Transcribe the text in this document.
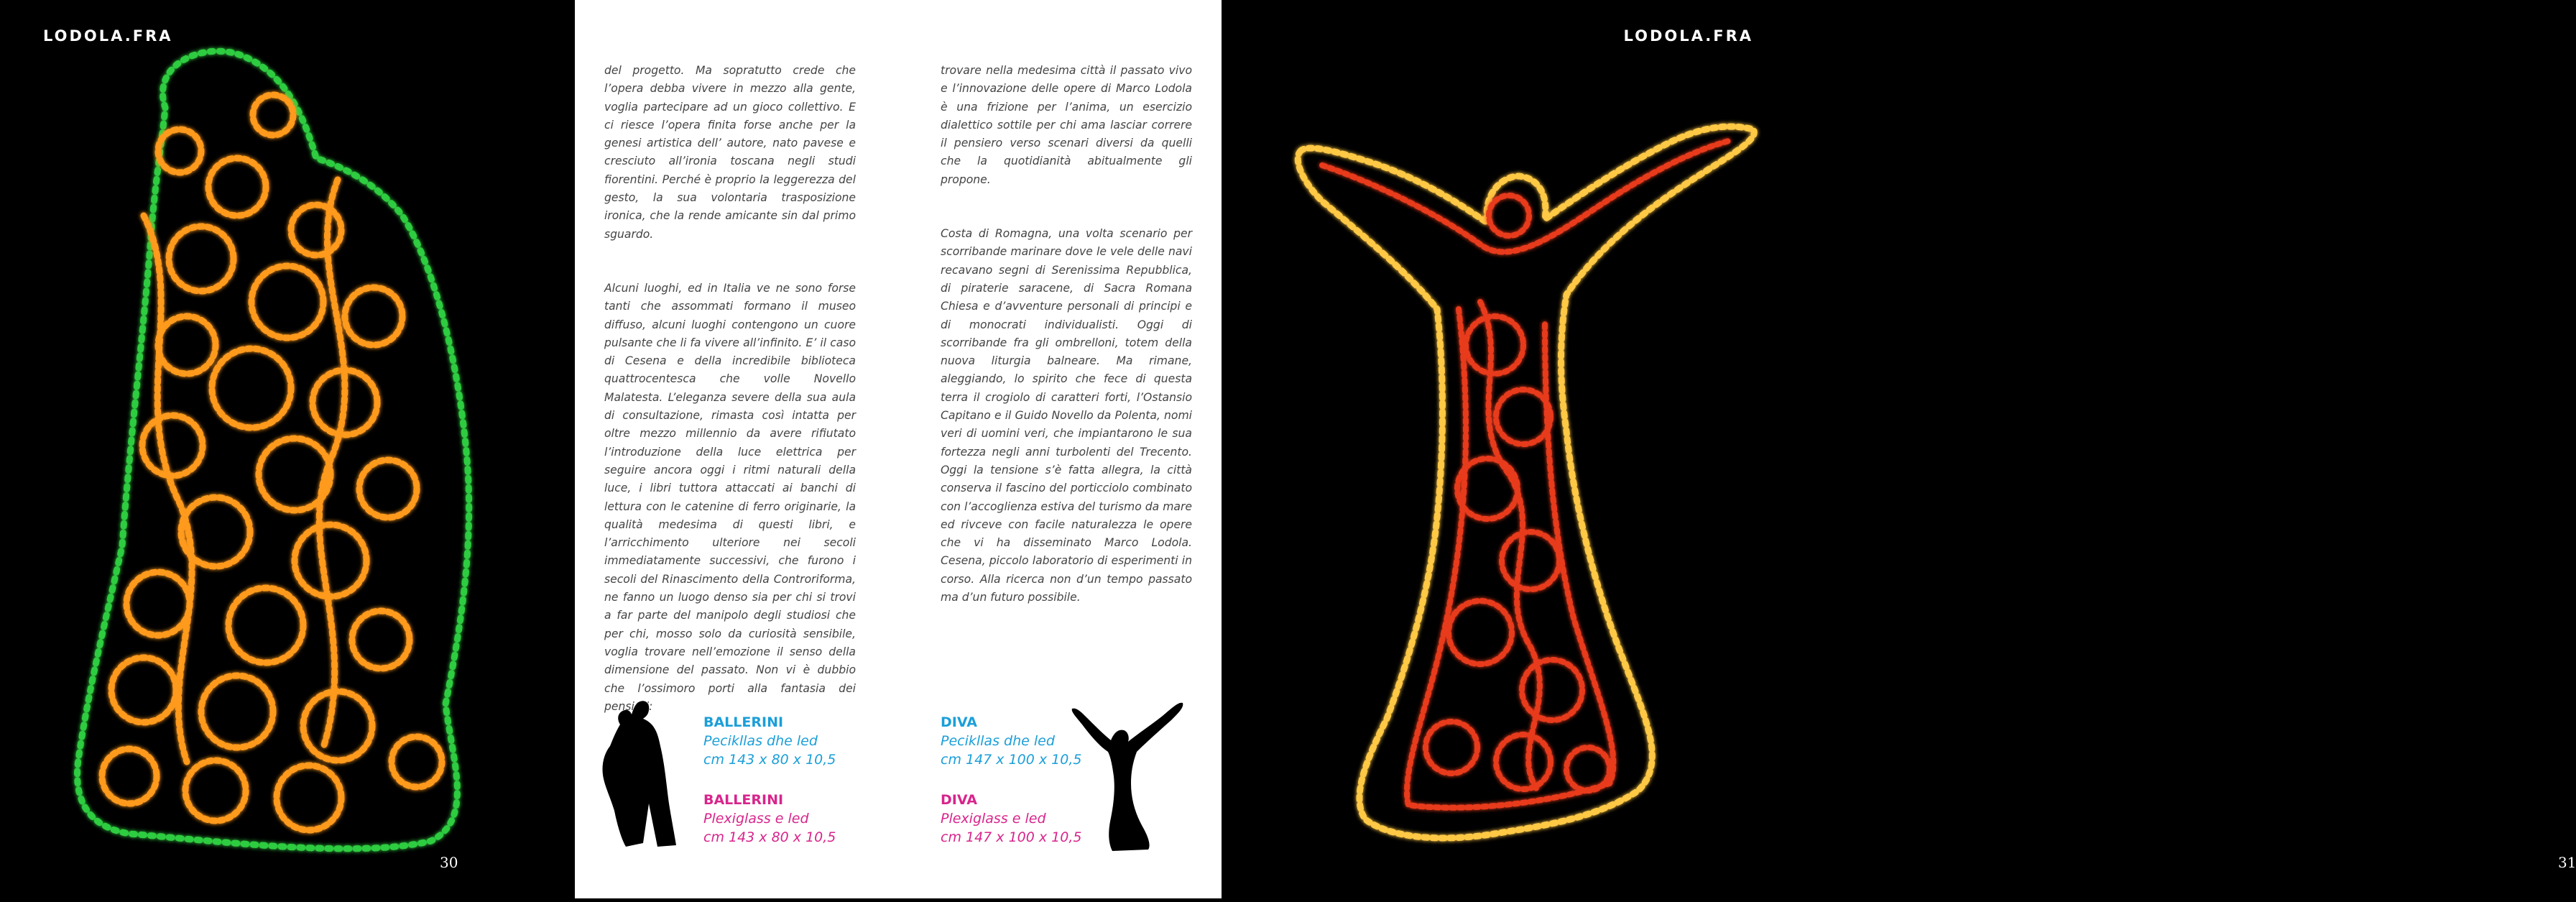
LODOLA.FRA
30

del progetto. Ma sopratutto crede che l’opera debba vivere in mezzo alla gente, voglia partecipare ad un gioco collettivo. E ci riesce l’opera finita forse anche per la genesi artistica dell’ autore, nato pavese e cresciuto all’ironia toscana negli studi fiorentini. Perché è proprio la leggerezza del gesto, la sua volontaria trasposizione ironica, che la rende amicante sin dal primo sguardo.

Alcuni luoghi, ed in Italia ve ne sono forse tanti che assommati formano il museo diffuso, alcuni luoghi contengono un cuore pulsante che li fa vivere all’infinito. E’ il caso di Cesena e della incredibile biblioteca quattrocentesca che volle Novello Malatesta. L’eleganza severe della sua aula di consultazione, rimasta così intatta per oltre mezzo millennio da avere rifiutato l’introduzione della luce elettrica per seguire ancora oggi i ritmi naturali della luce, i libri tuttora attaccati ai banchi di lettura con le catenine di ferro originarie, la qualità medesima di questi libri, e l’arricchimento ulteriore nei secoli immediatamente successivi, che furono i secoli del Rinascimento della Controriforma, ne fanno un luogo denso sia per chi si trovi a far parte del manipolo degli studiosi che per chi, mosso solo da curiosità sensibile, voglia trovare nell’emozione il senso della dimensione del passato. Non vi è dubbio che l’ossimoro porti alla fantasia dei pensieri:

trovare nella medesima città il passato vivo e l’innovazione delle opere di Marco Lodola è una frizione per l’anima, un esercizio dialettico sottile per chi ama lasciar correre il pensiero verso scenari diversi da quelli che la quotidianità abitualmente gli propone.

Costa di Romagna, una volta scenario per scorribande marinare dove le vele delle navi recavano segni di Serenissima Repubblica, di piraterie saracene, di Sacra Romana Chiesa e d’avventure personali di principi e di monocrati individualisti. Oggi di scorribande fra gli ombrelloni, totem della nuova liturgia balneare. Ma rimane, aleggiando, lo spirito che fece di questa terra il crogiolo di caratteri forti, l’Ostansio Capitano e il Guido Novello da Polenta, nomi veri di uomini veri, che impiantarono le sua fortezza negli anni turbolenti del Trecento. Oggi la tensione s’è fatta allegra, la città conserva il fascino del porticciolo combinato con l’accoglienza estiva del turismo da mare ed rivceve con facile naturalezza le opere che vi ha disseminato Marco Lodola. Cesena, piccolo laboratorio di esperimenti in corso. Alla ricerca non d’un tempo passato ma d’un futuro possibile.

BALLERINI
Pecikllas dhe led
cm 143 x 80 x 10,5
BALLERINI
Plexiglass e led
cm 143 x 80 x 10,5
DIVA
Pecikllas dhe led
cm 147 x 100 x 10,5
DIVA
Plexiglass e led
cm 147 x 100 x 10,5
LODOLA.FRA
31
